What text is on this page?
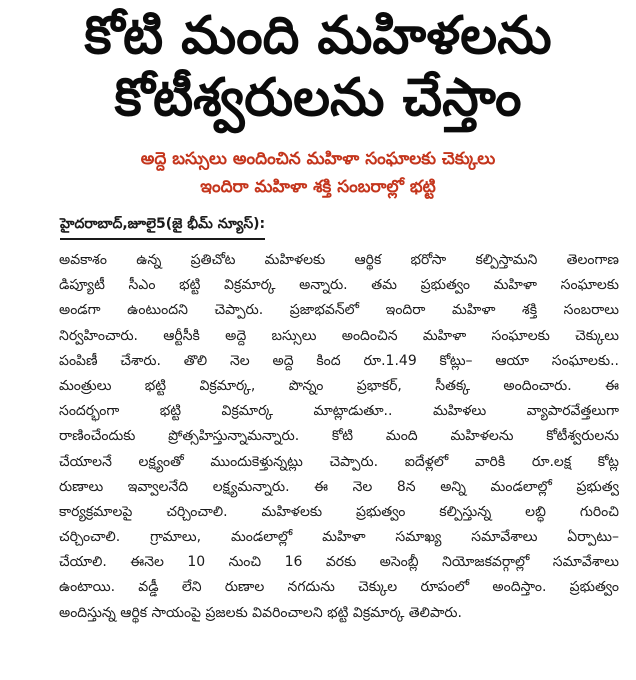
కోటి మంది మహిళలను
కోటీశ్వరులను చేస్తాం
అద్దె బస్సులు అందించిన మహిళా సంఘాలకు చెక్కులు
ఇందిరా మహిళా శక్తి సంబరాల్లో భట్టి
హైదరాబాద్,జూలై5(జై భీమ్ న్యూస్):
అవకాశం ఉన్న ప్రతిచోట మహిళలకు ఆర్థిక భరోసా కల్పిస్తామని తెలంగాణ
డిప్యూటీ సీఎం భట్టి విక్రమార్క అన్నారు. తమ ప్రభుత్వం మహిళా సంఘాలకు
అండగా ఉంటుందని చెప్పారు. ప్రజాభవన్‌లో ఇందిరా మహిళా శక్తి సంబరాలు
నిర్వహించారు. ఆర్టీసీకి అద్దె బస్సులు అందించిన మహిళా సంఘాలకు చెక్కులు
పంపిణీ చేశారు. తొలి నెల అద్దె కింద రూ.1.49 కోట్లు– ఆయా సంఘాలకు..
మంత్రులు భట్టి విక్రమార్క, పొన్నం ప్రభాకర్, సీతక్క అందించారు. ఈ
సందర్భంగా భట్టి విక్రమార్క మాట్లాడుతూ.. మహిళలు వ్యాపారవేత్తలుగా
రాణించేందుకు ప్రోత్సహిస్తున్నామన్నారు. కోటి మంది మహిళలను కోటీశ్వరులను
చేయాలనే లక్ష్యంతో ముందుకెళ్తున్నట్లు చెప్పారు. ఐదేళ్లలో వారికి రూ.లక్ష కోట్ల
రుణాలు ఇవ్వాలనేది లక్ష్యమన్నారు. ఈ నెల 8న అన్ని మండలాల్లో ప్రభుత్వ
కార్యక్రమాలపై చర్చించాలి. మహిళలకు ప్రభుత్వం కల్పిస్తున్న లబ్ధి గురించి
చర్చించాలి. గ్రామాలు, మండలాల్లో మహిళా సమాఖ్య సమావేశాలు ఏర్పాటు–
చేయాలి. ఈనెల 10 నుంచి 16 వరకు అసెంబ్లీ నియోజకవర్గాల్లో సమావేశాలు
ఉంటాయి. వడ్డీ లేని రుణాల నగదును చెక్కుల రూపంలో అందిస్తాం. ప్రభుత్వం
అందిస్తున్న ఆర్థిక సాయంపై ప్రజలకు వివరించాలని భట్టి విక్రమార్క తెలిపారు.
